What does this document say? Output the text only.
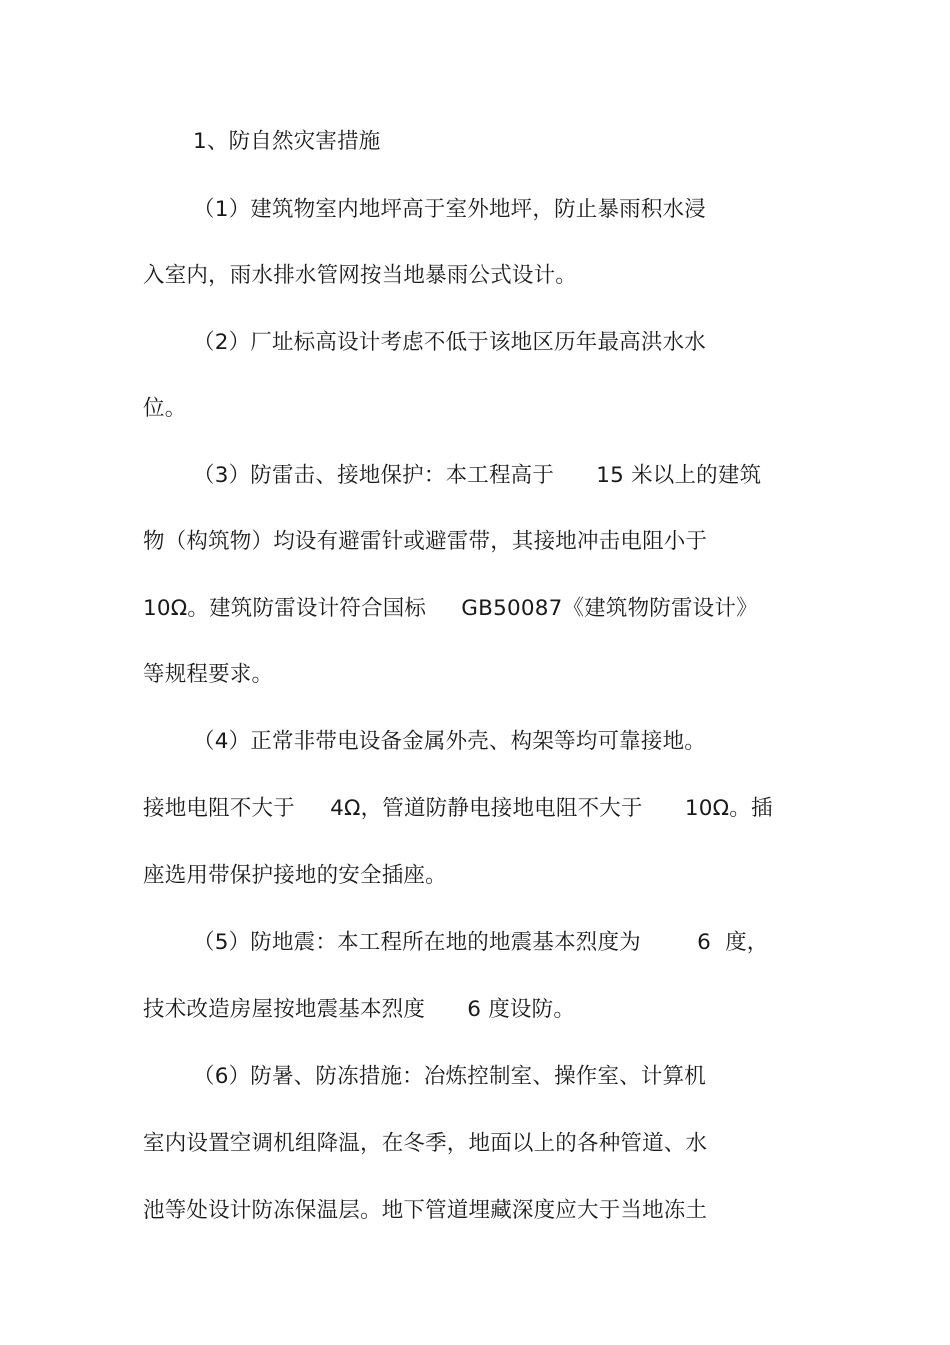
1、防自然灾害措施
（1）建筑物室内地坪高于室外地坪，防止暴雨积水浸
入室内，雨水排水管网按当地暴雨公式设计。
（2）厂址标高设计考虑不低于该地区历年最高洪水水
位。
（3）防雷击、接地保护：本工程高于      15 米以上的建筑
物（构筑物）均设有避雷针或避雷带，其接地冲击电阻小于
10Ω。建筑防雷设计符合国标     GB50087《建筑物防雷设计》
等规程要求。
（4）正常非带电设备金属外壳、构架等均可靠接地。
接地电阻不大于     4Ω，管道防静电接地电阻不大于      10Ω。插
座选用带保护接地的安全插座。
（5）防地震：本工程所在地的地震基本烈度为        6  度，
技术改造房屋按地震基本烈度      6 度设防。
（6）防暑、防冻措施：冶炼控制室、操作室、计算机
室内设置空调机组降温，在冬季，地面以上的各种管道、水
池等处设计防冻保温层。地下管道埋藏深度应大于当地冻土
